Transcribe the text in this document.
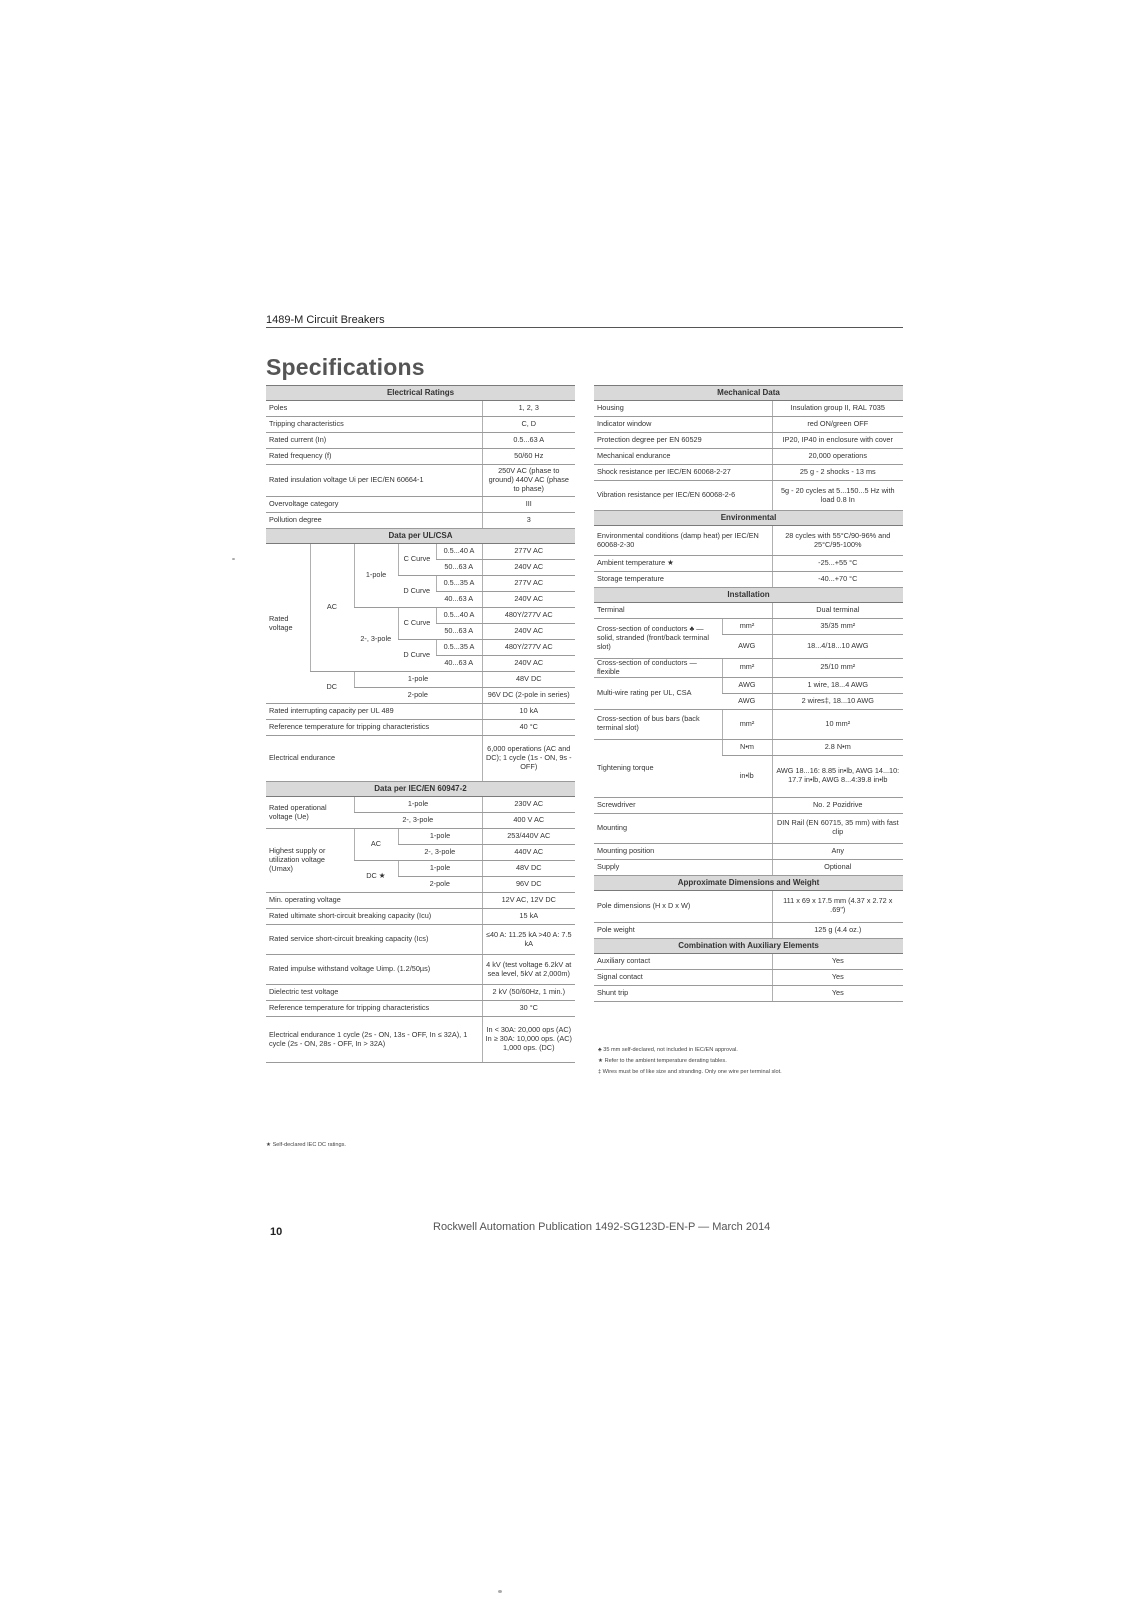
1489-M Circuit Breakers
Specifications
Electrical Ratings					
Poles					1, 2, 3
Tripping characteristics					C, D
Rated current (In)					0.5...63 A
Rated frequency (f)					50/60 Hz
Rated insulation voltage Ui per IEC/EN 60664-1					250V AC (phase to ground) 440V AC (phase to phase)
Overvoltage category					III
Pollution degree					3
Data per UL/CSA					
Rated voltage	AC	1-pole	C Curve	0.5...40 A	277V AC
				50...63 A	240V AC
			D Curve	0.5...35 A	277V AC
				40...63 A	240V AC
		2-, 3-pole	C Curve	0.5...40 A	480Y/277V AC
				50...63 A	240V AC
			D Curve	0.5...35 A	480Y/277V AC
				40...63 A	240V AC
	DC	1-pole			48V DC
		2-pole			96V DC (2-pole in series)
Rated interrupting capacity per UL 489					10 kA
Reference temperature for tripping characteristics					40 °C
Electrical endurance					6,000 operations (AC and DC); 1 cycle (1s - ON, 9s - OFF)
Data per IEC/EN 60947-2					
Rated operational voltage (Ue)		1-pole			230V AC
		2-, 3-pole			400 V AC
Highest supply or utilization voltage (Umax)		AC	1-pole		253/440V AC
			2-, 3-pole		440V AC
		DC ★	1-pole		48V DC
			2-pole		96V DC
Min. operating voltage					12V AC, 12V DC
Rated ultimate short-circuit breaking capacity (Icu)					15 kA
Rated service short-circuit breaking capacity (Ics)					≤40 A: 11.25 kA >40 A: 7.5 kA
Rated impulse withstand voltage Uimp. (1.2/50µs)					4 kV (test voltage 6.2kV at sea level, 5kV at 2,000m)
Dielectric test voltage					2 kV (50/60Hz, 1 min.)
Reference temperature for tripping characteristics					30 °C
Electrical endurance 1 cycle (2s - ON, 13s - OFF, In ≤ 32A), 1 cycle (2s - ON, 28s - OFF, In > 32A)					In < 30A: 20,000 ops (AC) In ≥ 30A: 10,000 ops. (AC) 1,000 ops. (DC)
★ Self-declared IEC DC ratings.
Mechanical Data		
Housing		Insulation group II, RAL 7035
Indicator window		red ON/green OFF
Protection degree per EN 60529		IP20, IP40 in enclosure with cover
Mechanical endurance		20,000 operations
Shock resistance per IEC/EN 60068-2-27		25 g - 2 shocks - 13 ms
Vibration resistance per IEC/EN 60068-2-6		5g - 20 cycles at 5...150...5 Hz with load 0.8 In
Environmental		
Environmental conditions (damp heat) per IEC/EN 60068-2-30		28 cycles with 55°C/90-96% and 25°C/95-100%
Ambient temperature ★		-25...+55 °C
Storage temperature		-40...+70 °C
Installation		
Terminal		Dual terminal
Cross-section of conductors ♣ — solid, stranded (front/back terminal slot)	mm²	35/35 mm²
	AWG	18...4/18...10 AWG
Cross-section of conductors — flexible	mm²	25/10 mm²
Multi-wire rating per UL, CSA	AWG	1 wire, 18...4 AWG
	AWG	2 wires‡, 18...10 AWG
Cross-section of bus bars (back terminal slot)	mm²	10 mm²
Tightening torque	N•m	2.8 N•m
	in•lb	AWG 18...16: 8.85 in•lb, AWG 14...10: 17.7 in•lb, AWG 8...4:39.8 in•lb
Screwdriver		No. 2 Pozidrive
Mounting		DIN Rail (EN 60715, 35 mm) with fast clip
Mounting position		Any
Supply		Optional
Approximate Dimensions and Weight		
Pole dimensions (H x D x W)		111 x 69 x 17.5 mm (4.37 x 2.72 x .69")
Pole weight		125 g (4.4 oz.)
Combination with Auxiliary Elements		
Auxiliary contact		Yes
Signal contact		Yes
Shunt trip		Yes
♣ 35 mm self-declared, not included in IEC/EN approval.
★ Refer to the ambient temperature derating tables.
‡ Wires must be of like size and stranding. Only one wire per terminal slot.
10	Rockwell Automation Publication 1492-SG123D-EN-P — March 2014
